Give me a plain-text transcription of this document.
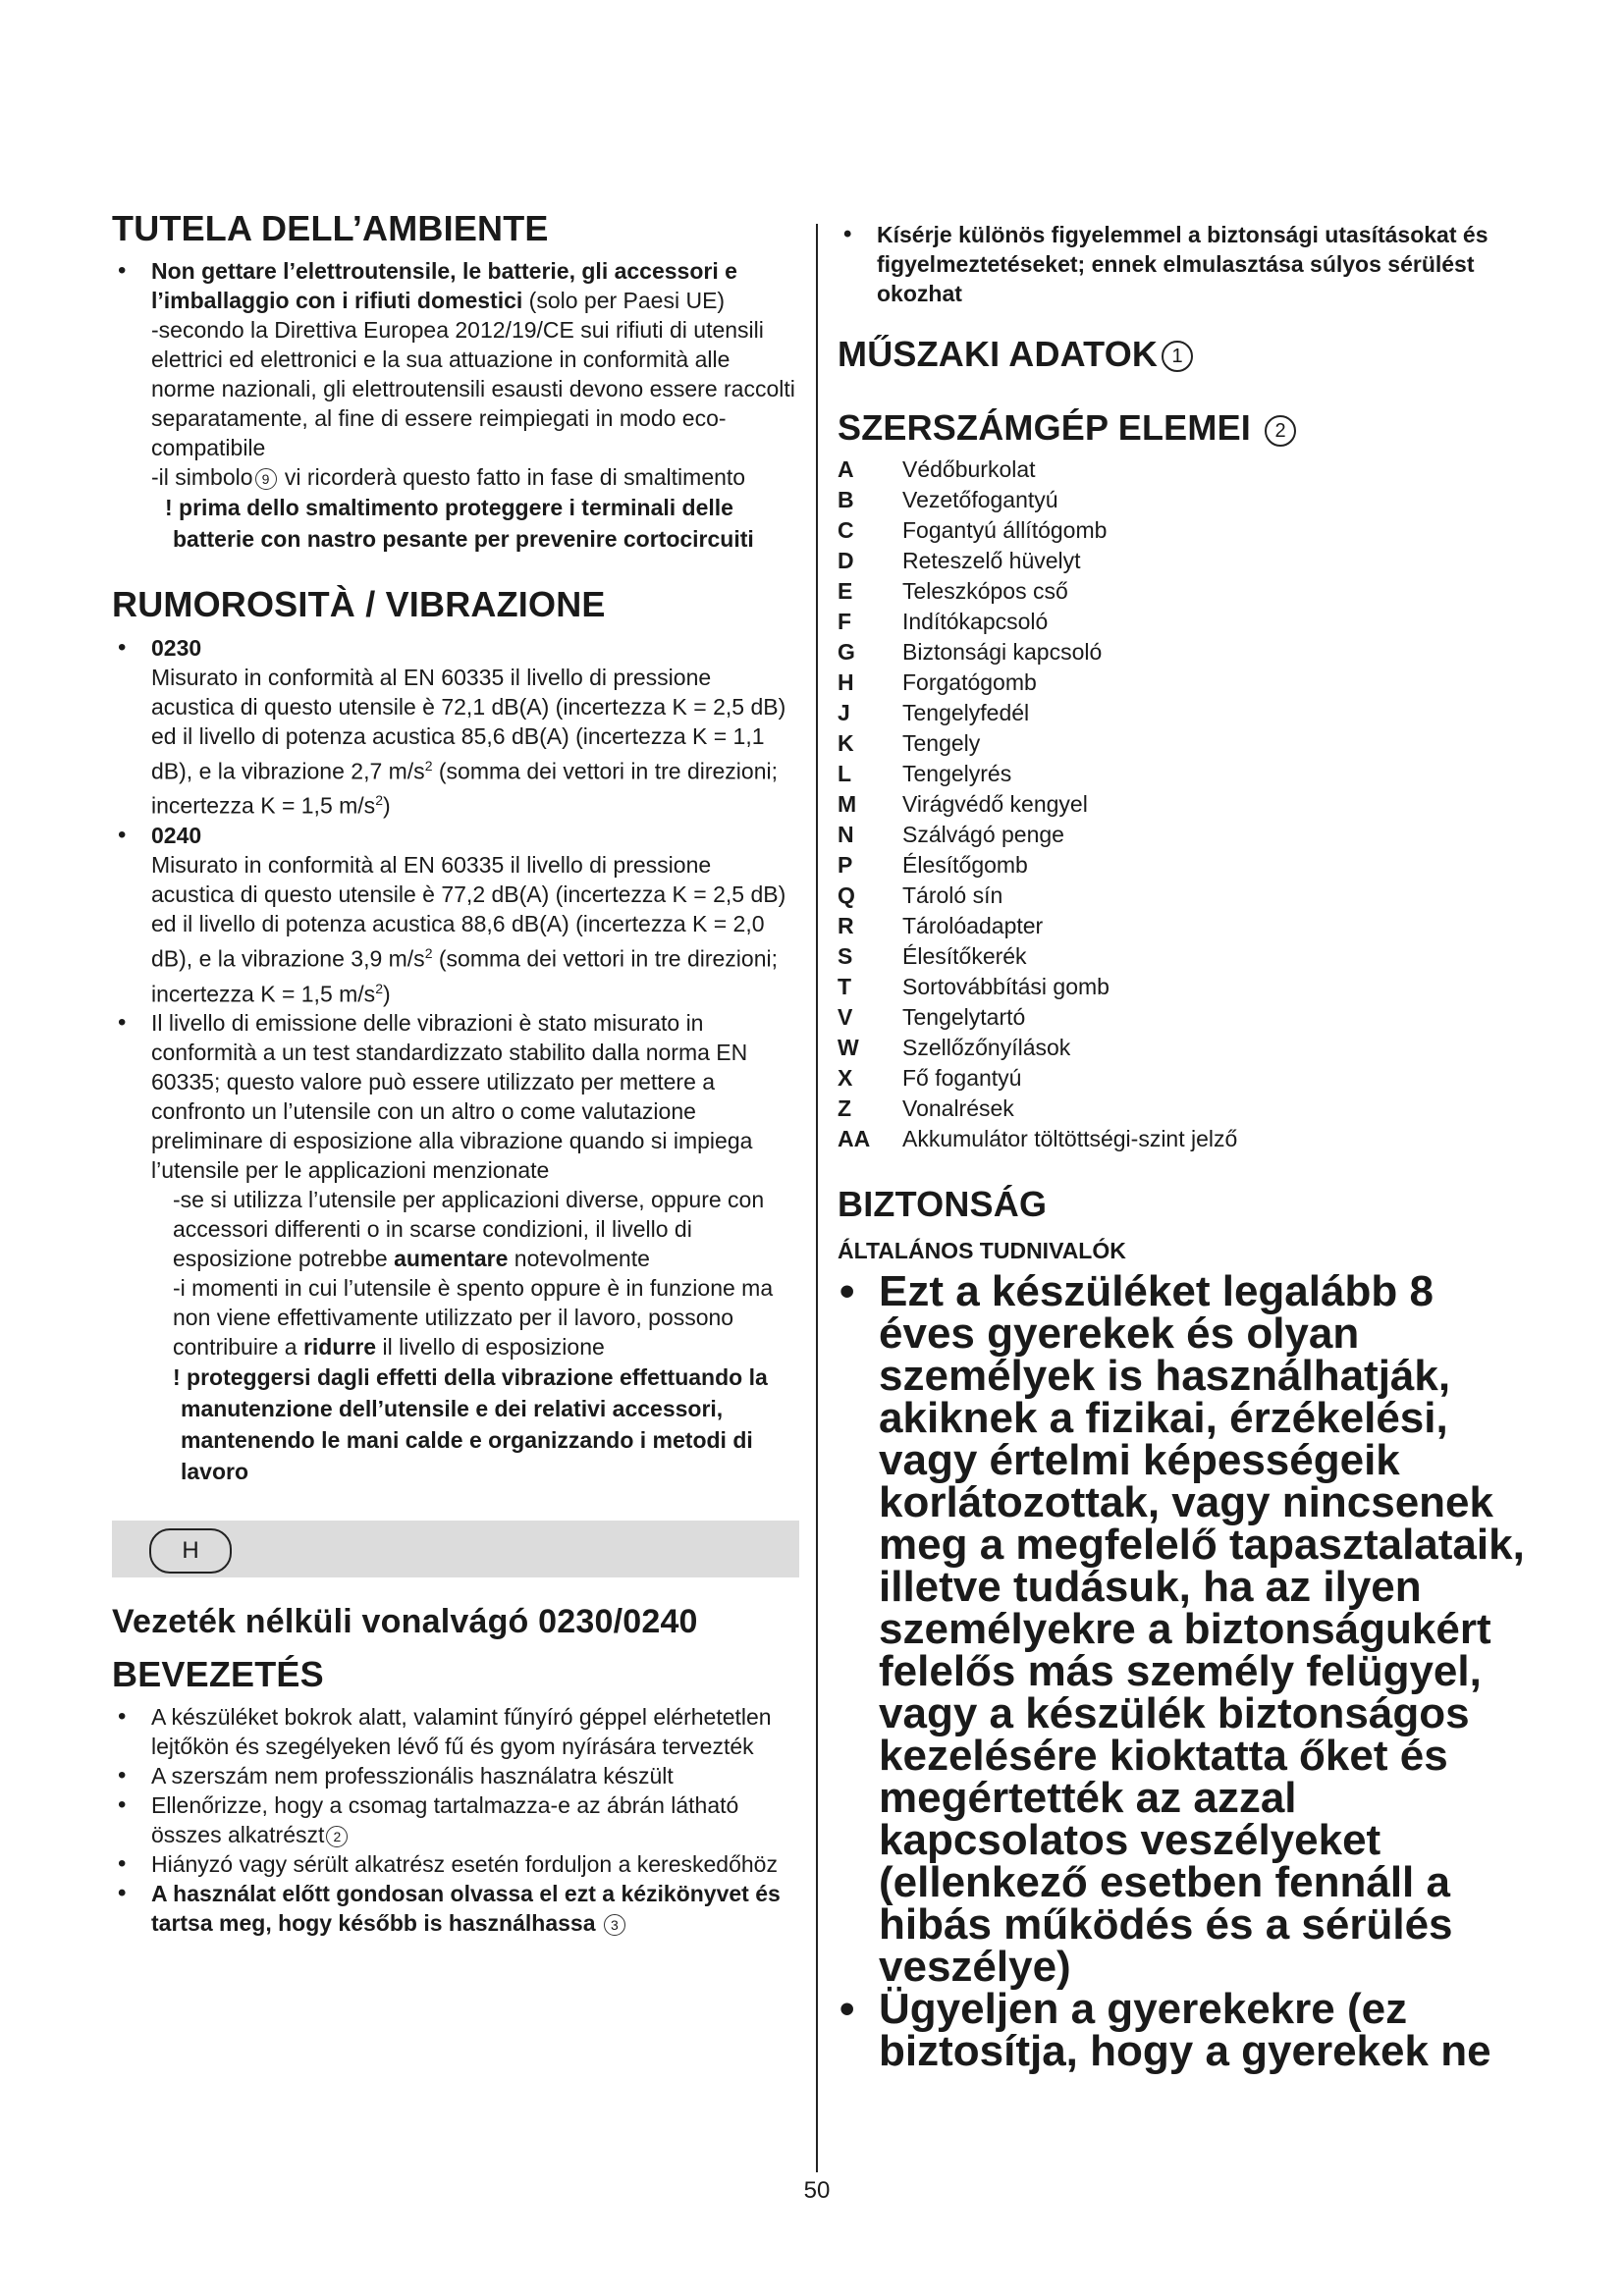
TUTELA DELL’AMBIENTE
• Non gettare l’elettroutensile, le batterie, gli accessori e l’imballaggio con i rifiuti domestici (solo per Paesi UE)
-secondo la Direttiva Europea 2012/19/CE sui rifiuti di utensili elettrici ed elettronici e la sua attuazione in conformità alle norme nazionali, gli elettroutensili esausti devono essere raccolti separatamente, al fine di essere reimpiegati in modo eco-compatibile
-il simbolo 9 vi ricorderà questo fatto in fase di smaltimento
! prima dello smaltimento proteggere i terminali delle batterie con nastro pesante per prevenire cortocircuiti
RUMOROSITÀ / VIBRAZIONE
• 0230
Misurato in conformità al EN 60335 il livello di pressione acustica di questo utensile è 72,1 dB(A) (incertezza K = 2,5 dB) ed il livello di potenza acustica 85,6 dB(A) (incertezza K = 1,1 dB), e la vibrazione 2,7 $m/s^2$ (somma dei vettori in tre direzioni; incertezza K = 1,5 $m/s^2$)
• 0240
Misurato in conformità al EN 60335 il livello di pressione acustica di questo utensile è 77,2 dB(A) (incertezza K = 2,5 dB) ed il livello di potenza acustica 88,6 dB(A) (incertezza K = 2,0 dB), e la vibrazione 3,9 $m/s^2$ (somma dei vettori in tre direzioni; incertezza K = 1,5 $m/s^2$)
• Il livello di emissione delle vibrazioni è stato misurato in conformità a un test standardizzato stabilito dalla norma EN 60335; questo valore può essere utilizzato per mettere a confronto un l’utensile con un altro o come valutazione preliminare di esposizione alla vibrazione quando si impiega l’utensile per le applicazioni menzionate
-se si utilizza l’utensile per applicazioni diverse, oppure con accessori differenti o in scarse condizioni, il livello di esposizione potrebbe aumentare notevolmente
-i momenti in cui l’utensile è spento oppure è in funzione ma non viene effettivamente utilizzato per il lavoro, possono contribuire a ridurre il livello di esposizione
! proteggersi dagli effetti della vibrazione effettuando la manutenzione dell’utensile e dei relativi accessori, mantenendo le mani calde e organizzando i metodi di lavoro
H
Vezeték nélküli vonalvágó 0230/0240
BEVEZETÉS
• A készüléket bokrok alatt, valamint fűnyíró géppel elérhetetlen lejtőkön és szegélyeken lévő fű és gyom nyírására tervezték
• A szerszám nem professzionális használatra készült
• Ellenőrizze, hogy a csomag tartalmazza-e az ábrán látható összes alkatrészt 2
• Hiányzó vagy sérült alkatrész esetén forduljon a kereskedőhöz
• A használat előtt gondosan olvassa el ezt a kézikönyvet és tartsa meg, hogy később is használhassa 3
• Kísérje különös figyelemmel a biztonsági utasításokat és figyelmeztetéseket; ennek elmulasztása súlyos sérülést okozhat
MŰSZAKI ADATOK 1
SZERSZÁMGÉP ELEMEI 2
A	Védőburkolat
B	Vezetőfogantyú
C	Fogantyú állítógomb
D	Reteszelő hüvelyt
E	Teleszkópos cső
F	Indítókapcsoló
G	Biztonsági kapcsoló
H	Forgatógomb
J	Tengelyfedél
K	Tengely
L	Tengelyrés
M	Virágvédő kengyel
N	Szálvágó penge
P	Élesítőgomb
Q	Tároló sín
R	Tárolóadapter
S	Élesítőkerék
T	Sortovábbítási gomb
V	Tengelytartó
W	Szellőzőnyílások
X	Fő fogantyú
Z	Vonalrések
AA	Akkumulátor töltöttségi-szint jelző
BIZTONSÁG
ÁLTALÁNOS TUDNIVALÓK
• Ezt a készüléket legalább 8 éves gyerekek és olyan személyek is használhatják, akiknek a fizikai, érzékelési, vagy értelmi képességeik korlátozottak, vagy nincsenek meg a megfelelő tapasztalataik, illetve tudásuk, ha az ilyen személyekre a biztonságukért felelős más személy felügyel, vagy a készülék biztonságos kezelésére kioktatta őket és megértették az azzal kapcsolatos veszélyeket (ellenkező esetben fennáll a hibás működés és a sérülés veszélye)
• Ügyeljen a gyerekekre (ez biztosítja, hogy a gyerekek ne
50
